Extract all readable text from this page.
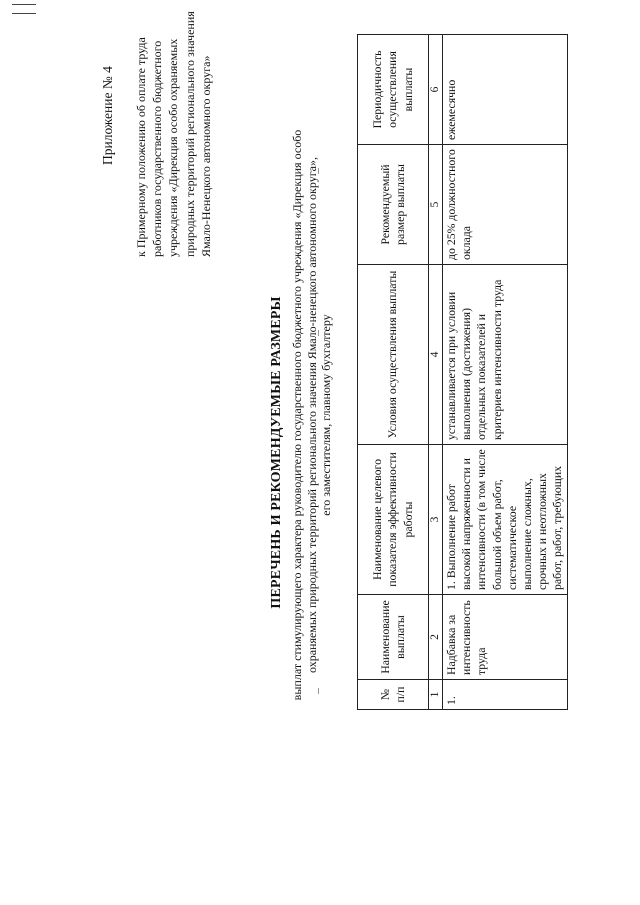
Приложение № 4 к Примерному положению об оплате труда работников государственного бюджетного учреждения «Дирекция особо охраняемых природных территорий регионального значения Ямало-Ненецкого автономного округа»
ПЕРЕЧЕНЬ И РЕКОМЕНДУЕМЫЕ РАЗМЕРЫ выплат стимулирующего характера руководителю государственного бюджетного учреждения «Дирекция особо охраняемых природных территорий регионального значения Ямало-ненецкого автономного округа», его заместителям, главному бухгалтеру
№ п/п	Наименование выплаты	Наименование целевого показателя эффективности работы	Условия осуществления выплаты	Рекомендуемый размер выплаты	Периодичность осуществления выплаты
1	2	3	4	5	6
1.	Надбавка за интенсивность труда	1. Выполнение работ высокой напряженности и интенсивности (в том числе большой объем работ, систематическое выполнение сложных, срочных и неотложных работ, работ, требующих	устанавливается при условии выполнения (достижения) отдельных показателей и критериев интенсивности труда	до 25% должностного оклада	ежемесячно
